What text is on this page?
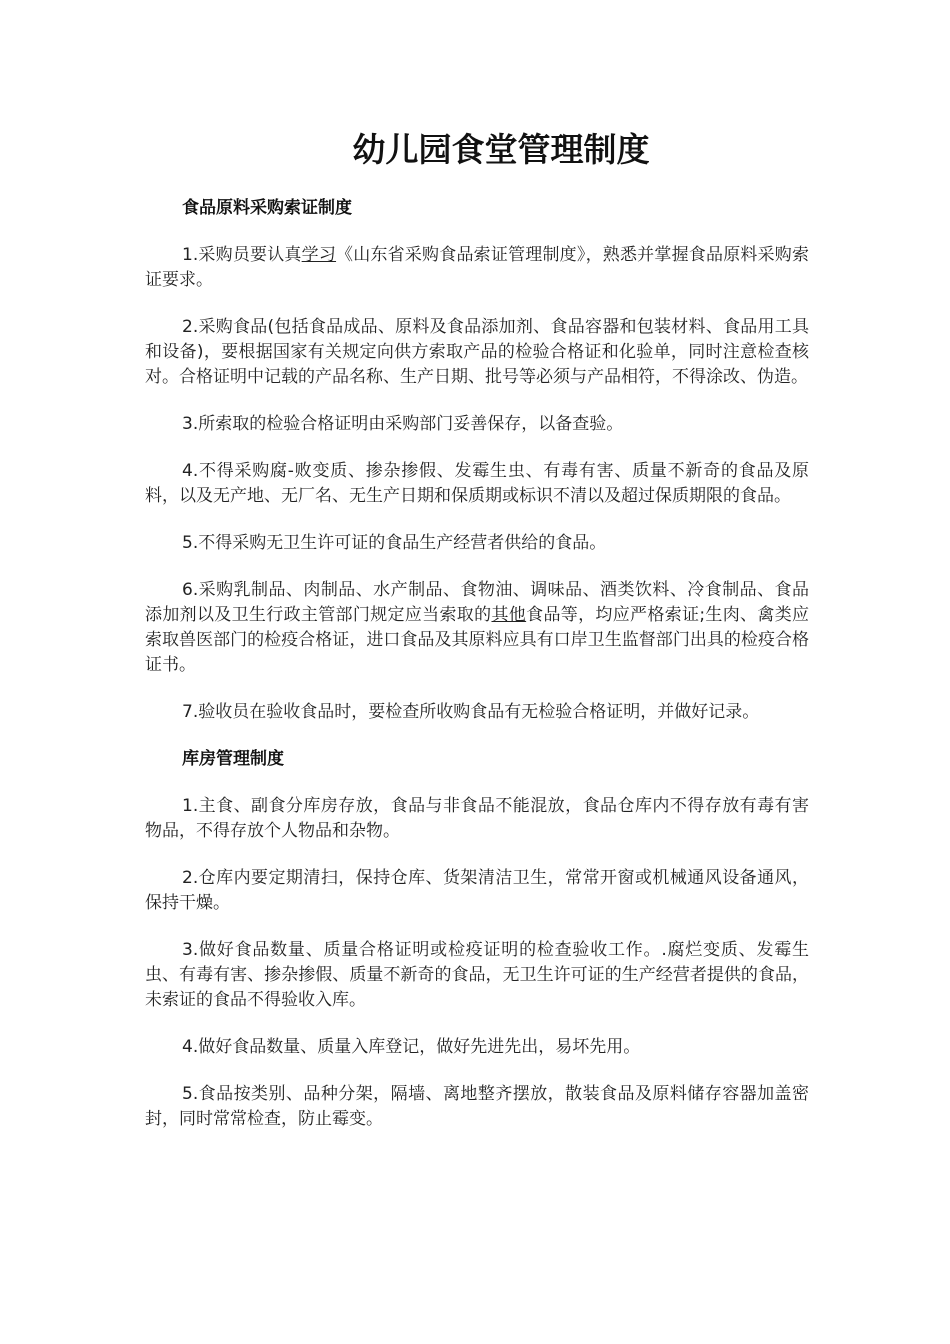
幼儿园食堂管理制度
食品原料采购索证制度

1.采购员要认真学习《山东省采购食品索证管理制度》，熟悉并掌握食品原料采购索证要求。

2.采购食品(包括食品成品、原料及食品添加剂、食品容器和包装材料、食品用工具和设备)，要根据国家有关规定向供方索取产品的检验合格证和化验单，同时注意检查核对。合格证明中记载的产品名称、生产日期、批号等必须与产品相符，不得涂改、伪造。

3.所索取的检验合格证明由采购部门妥善保存，以备查验。

4.不得采购腐-败变质、掺杂掺假、发霉生虫、有毒有害、质量不新奇的食品及原料，以及无产地、无厂名、无生产日期和保质期或标识不清以及超过保质期限的食品。

5.不得采购无卫生许可证的食品生产经营者供给的食品。

6.采购乳制品、肉制品、水产制品、食物油、调味品、酒类饮料、冷食制品、食品添加剂以及卫生行政主管部门规定应当索取的其他食品等，均应严格索证;生肉、禽类应索取兽医部门的检疫合格证，进口食品及其原料应具有口岸卫生监督部门出具的检疫合格证书。

7.验收员在验收食品时，要检查所收购食品有无检验合格证明，并做好记录。

库房管理制度

1.主食、副食分库房存放，食品与非食品不能混放，食品仓库内不得存放有毒有害物品，不得存放个人物品和杂物。

2.仓库内要定期清扫，保持仓库、货架清洁卫生，常常开窗或机械通风设备通风，保持干燥。

3.做好食品数量、质量合格证明或检疫证明的检查验收工作。.腐烂变质、发霉生虫、有毒有害、掺杂掺假、质量不新奇的食品，无卫生许可证的生产经营者提供的食品，未索证的食品不得验收入库。

4.做好食品数量、质量入库登记，做好先进先出，易坏先用。

5.食品按类别、品种分架，隔墙、离地整齐摆放，散装食品及原料储存容器加盖密封，同时常常检查，防止霉变。
